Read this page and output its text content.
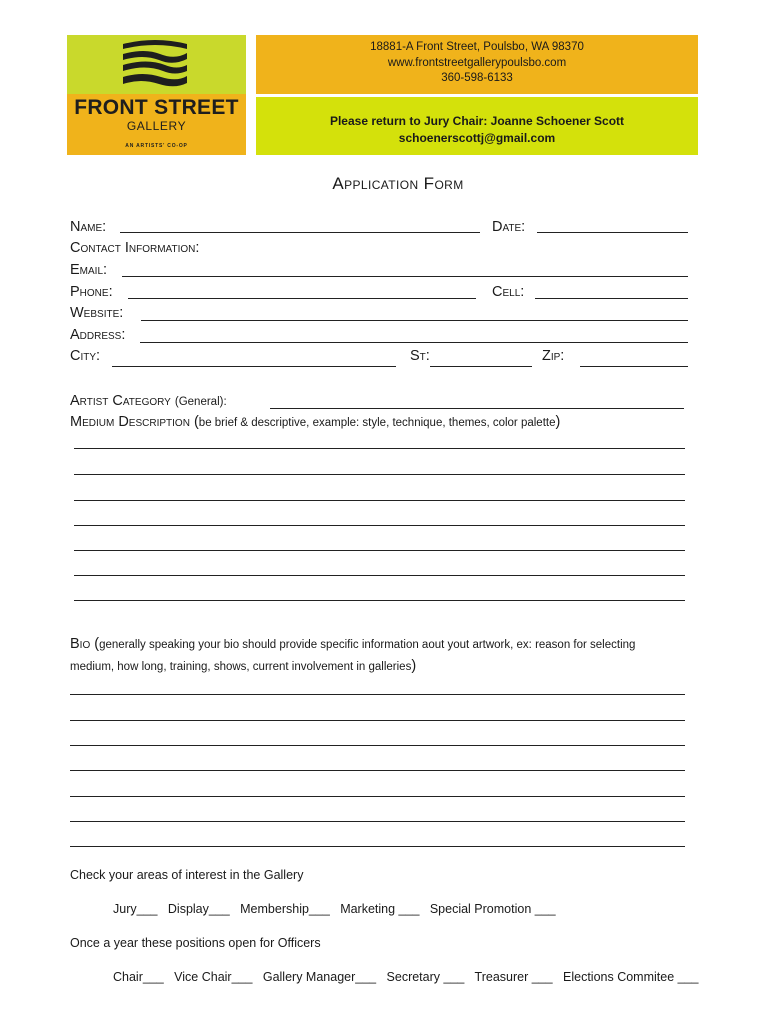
FRONT STREET
GALLERY
AN ARTISTS' CO-OP
18881-A Front Street, Poulsbo, WA 98370
www.frontstreetgallerypoulsbo.com
360-598-6133
Please return to Jury Chair: Joanne Schoener Scott
schoenerscottj@gmail.com
Application Form
Name:	Date:
Contact Information:
Email:
Phone:	Cell:
Website:
Address:
City:	St:	Zip:
Artist Category (General):
Medium Description (be brief & descriptive, example: style, technique, themes, color palette)
Bio (generally speaking your bio should provide specific information aout yout artwork, ex: reason for selecting
medium, how long, training, shows, current involvement in galleries)
Check your areas of interest in the Gallery
Jury___   Display___   Membership___   Marketing ___   Special Promotion ___
Once a year these positions open for Officers
Chair___   Vice Chair___   Gallery Manager___   Secretary ___   Treasurer ___   Elections Commitee ___
